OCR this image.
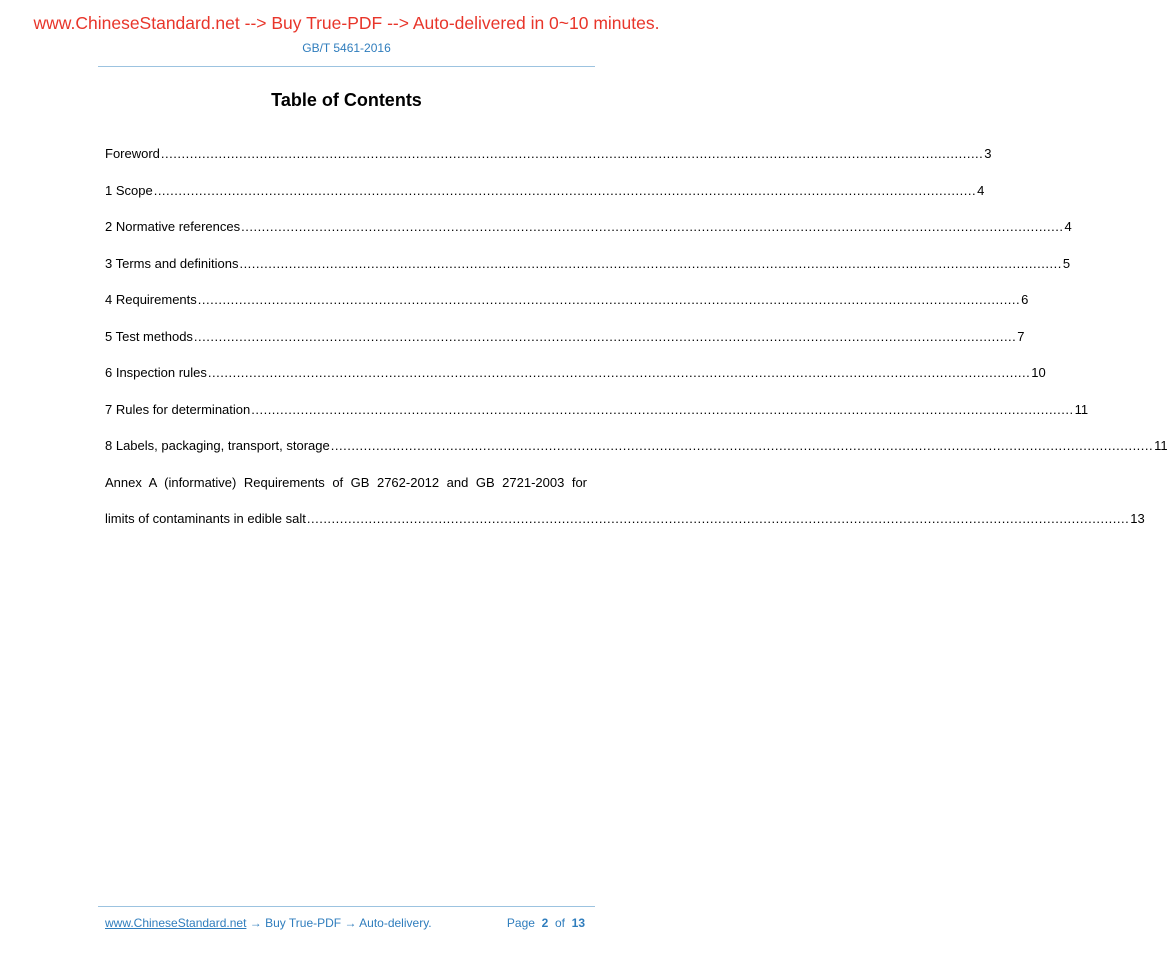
www.ChineseStandard.net --> Buy True-PDF --> Auto-delivered in 0~10 minutes.
GB/T 5461-2016
Table of Contents
Foreword ........................................................................................................................................................................................................ 3
1 Scope ........................................................................................................................................................................................................ 4
2 Normative references ........................................................................................................................................................................................................ 4
3 Terms and definitions ........................................................................................................................................................................................................ 5
4 Requirements ........................................................................................................................................................................................................ 6
5 Test methods ........................................................................................................................................................................................................ 7
6 Inspection rules ........................................................................................................................................................................................................ 10
7 Rules for determination ........................................................................................................................................................................................................ 11
8 Labels, packaging, transport, storage ........................................................................................................................................................................................................ 11
Annex A (informative) Requirements of GB 2762-2012 and GB 2721-2003 for
limits of contaminants in edible salt ........................................................................................................................................................................................................ 13
www.ChineseStandard.net → Buy True-PDF → Auto-delivery.	Page 2 of 13
